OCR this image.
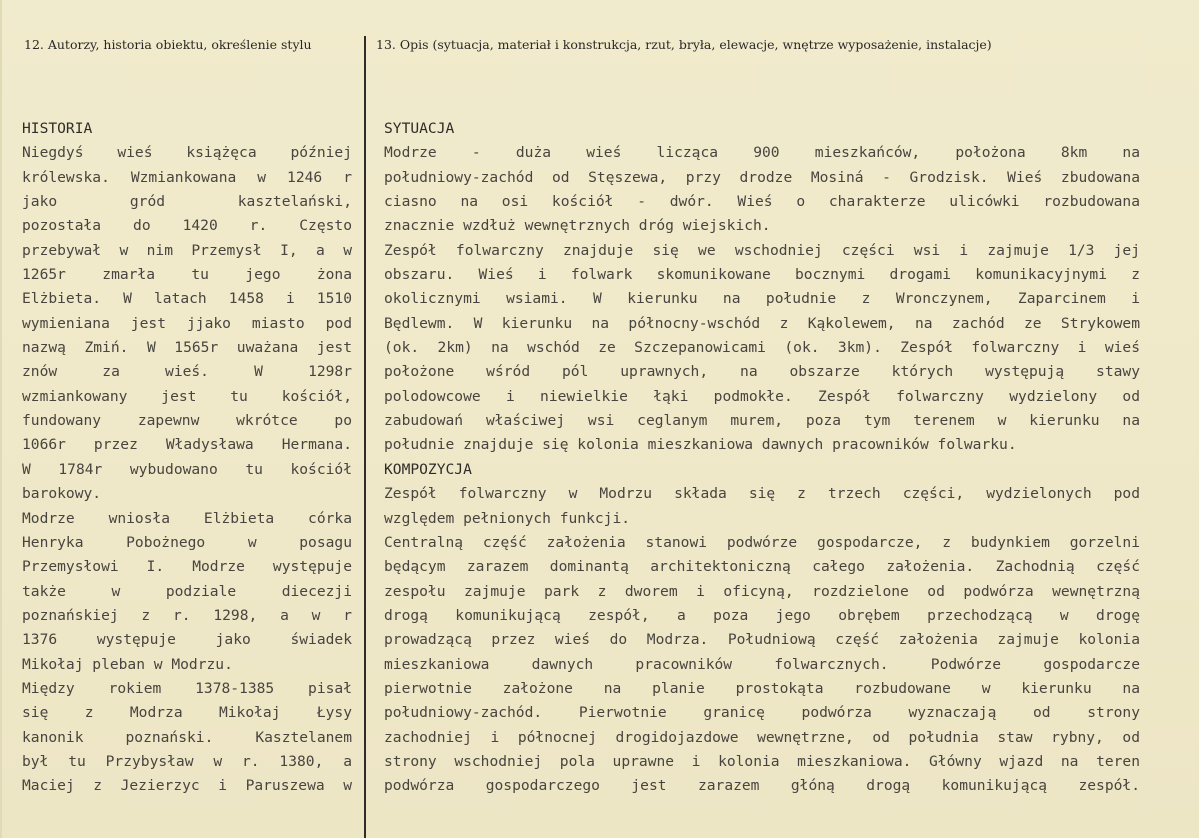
12. Autorzy, historia obiektu, określenie stylu	13. Opis (sytuacja, materiał i konstrukcja, rzut, bryła, elewacje, wnętrze wyposażenie, instalacje)
HISTORIA
Niegdyś wieś książęca później
królewska. Wzmiankowana w 1246 r
jako gród kasztelański,
pozostała do 1420 r. Często
przebywał w nim Przemysł I, a w
1265r zmarła tu jego żona
Elżbieta. W latach 1458 i 1510
wymieniana jest jjako miasto pod
nazwą Zmiń. W 1565r uważana jest
znów za wieś. W 1298r
wzmiankowany jest tu kościół,
fundowany zapewnw wkrótce po
1066r przez Władysława Hermana.
W 1784r wybudowano tu kościół
barokowy.
Modrze wniosła Elżbieta córka
Henryka Pobożnego w posagu
Przemysłowi I. Modrze występuje
także w podziale diecezji
poznańskiej z r. 1298, a w r
1376 występuje jako świadek
Mikołaj pleban w Modrzu.
Między rokiem 1378-1385 pisał
się z Modrza Mikołaj Łysy
kanonik poznański. Kasztelanem
był tu Przybysław w r. 1380, a
Maciej z Jezierzyc i Paruszewa w
SYTUACJA
Modrze - duża wieś licząca 900 mieszkańców, położona 8km na
południowy-zachód od Stęszewa, przy drodze Mosiná - Grodzisk. Wieś zbudowana
ciasno na osi kościół - dwór. Wieś o charakterze ulicówki rozbudowana
znacznie wzdłuż wewnętrznych dróg wiejskich.
Zespół folwarczny znajduje się we wschodniej części wsi i zajmuje 1/3 jej
obszaru. Wieś i folwark skomunikowane bocznymi drogami komunikacyjnymi z
okolicznymi wsiami. W kierunku na południe z Wronczynem, Zaparcinem i
Będlewm. W kierunku na północny-wschód z Kąkolewem, na zachód ze Strykowem
(ok. 2km) na wschód ze Szczepanowicami (ok. 3km). Zespół folwarczny i wieś
położone wśród pól uprawnych, na obszarze których występują stawy
polodowcowe i niewielkie łąki podmokłe. Zespół folwarczny wydzielony od
zabudowań właściwej wsi ceglanym murem, poza tym terenem w kierunku na
południe znajduje się kolonia mieszkaniowa dawnych pracowników folwarku.
KOMPOZYCJA
Zespół folwarczny w Modrzu składa się z trzech części, wydzielonych pod
względem pełnionych funkcji.
Centralną część założenia stanowi podwórze gospodarcze, z budynkiem gorzelni
będącym zarazem dominantą architektoniczną całego założenia. Zachodnią część
zespołu zajmuje park z dworem i oficyną, rozdzielone od podwórza wewnętrzną
drogą komunikującą zespół, a poza jego obrębem przechodzącą w drogę
prowadzącą przez wieś do Modrza. Południową część założenia zajmuje kolonia
mieszkaniowa dawnych pracowników folwarcznych. Podwórze gospodarcze
pierwotnie założone na planie prostokąta rozbudowane w kierunku na
południowy-zachód. Pierwotnie granicę podwórza wyznaczają od strony
zachodniej i północnej drogidojazdowe wewnętrzne, od południa staw rybny, od
strony wschodniej pola uprawne i kolonia mieszkaniowa. Główny wjazd na teren
podwórza gospodarczego jest zarazem głóną drogą komunikującą zespół.
